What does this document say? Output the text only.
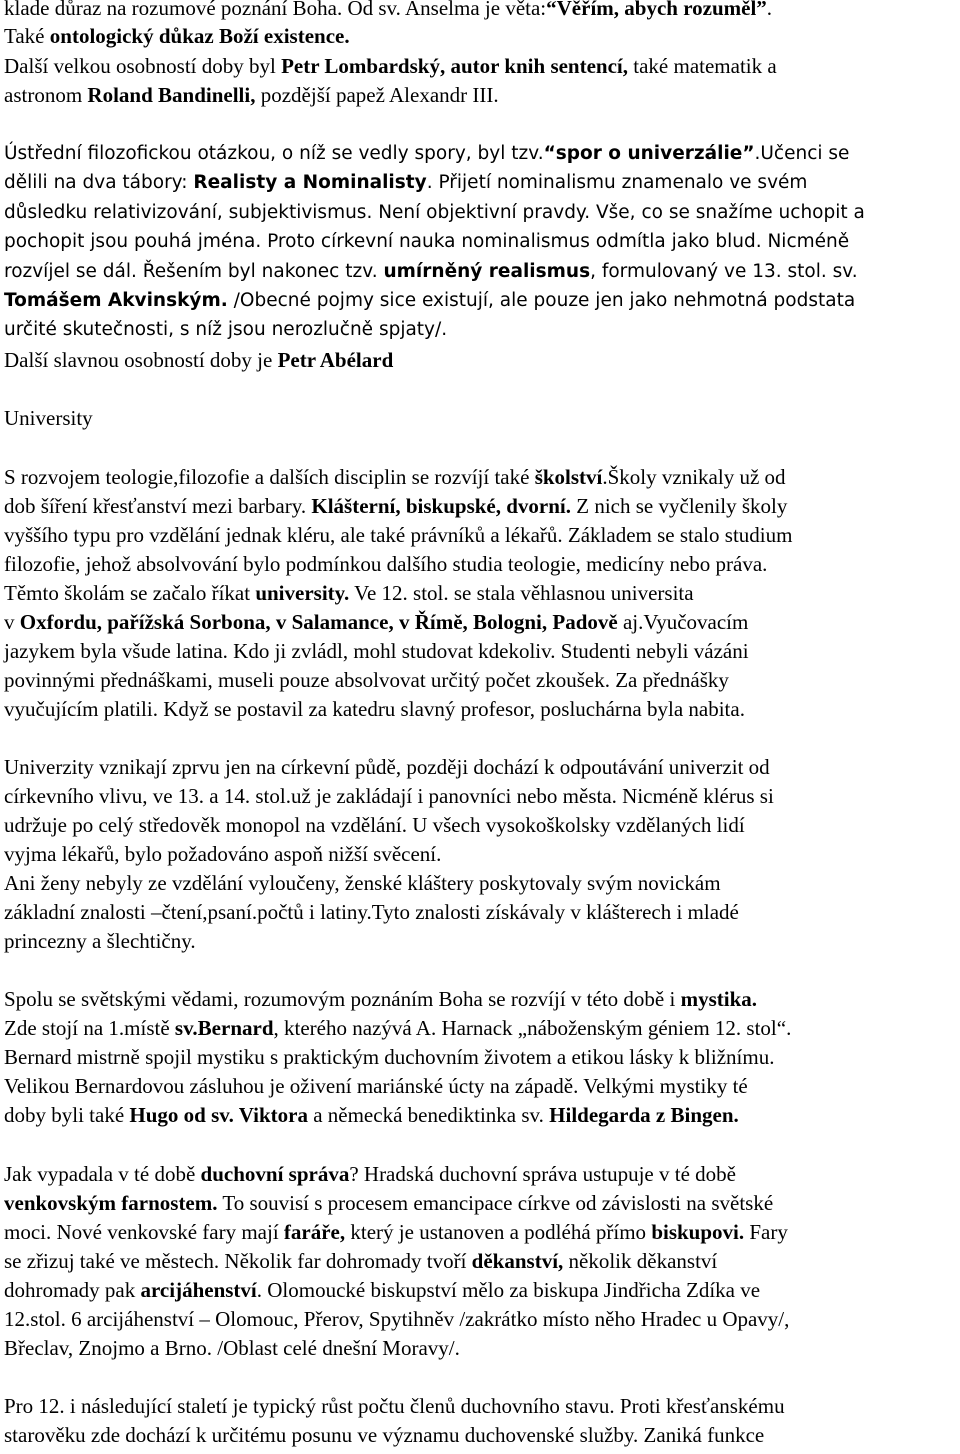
klade důraz na rozumové poznání Boha. Od sv. Anselma je věta:“Věřím, abych rozuměl”.
Také ontologický důkaz Boží existence.
Další velkou osobností doby byl Petr Lombardský, autor knih sentencí, také matematik a
astronom Roland Bandinelli, pozdější papež Alexandr III.
Ústřední filozofickou otázkou, o níž se vedly spory, byl tzv.“spor o univerzálie”.Učenci se
dělili na dva tábory: Realisty a Nominalisty. Přijetí nominalismu znamenalo ve svém
důsledku relativizování, subjektivismus. Není objektivní pravdy. Vše, co se snažíme uchopit a
pochopit jsou pouhá jména. Proto církevní nauka nominalismus odmítla jako blud. Nicméně
rozvíjel se dál. Řešením byl nakonec tzv. umírněný realismus, formulovaný ve 13. stol. sv.
Tomášem Akvinským. /Obecné pojmy sice existují, ale pouze jen jako nehmotná podstata
určité skutečnosti, s níž jsou nerozlučně spjaty/.
Další slavnou osobností doby je Petr Abélard
University
S rozvojem teologie,filozofie a dalších disciplin se rozvíjí také školství.Školy vznikaly už od
dob šíření křesťanství mezi barbary. Klášterní, biskupské, dvorní. Z nich se vyčlenily školy
vyššího typu pro vzdělání jednak kléru, ale také právníků a lékařů. Základem se stalo studium
filozofie, jehož absolvování bylo podmínkou dalšího studia teologie, medicíny nebo práva.
Těmto školám se začalo říkat university. Ve 12. stol. se stala věhlasnou universita
v Oxfordu, pařížská Sorbona, v Salamance, v Římě, Bologni, Padově aj.Vyučovacím
jazykem byla všude latina. Kdo ji zvládl, mohl studovat kdekoliv. Studenti nebyli vázáni
povinnými přednáškami, museli pouze absolvovat určitý počet zkoušek. Za přednášky
vyučujícím platili. Když se postavil za katedru slavný profesor, posluchárna byla nabita.
Univerzity vznikají zprvu jen na církevní půdě, později dochází k odpoutávání univerzit od
církevního vlivu, ve 13. a 14. stol.už je zakládají i panovníci nebo města. Nicméně klérus si
udržuje po celý středověk monopol na vzdělání. U všech vysokoškolsky vzdělaných lidí
vyjma lékařů, bylo požadováno aspoň nižší svěcení.
Ani ženy nebyly ze vzdělání vyloučeny, ženské kláštery poskytovaly svým novickám
základní znalosti –čtení,psaní.počtů i latiny.Tyto znalosti získávaly v klášterech i mladé
princezny a šlechtičny.
Spolu se světskými vědami, rozumovým poznáním Boha se rozvíjí v této době i mystika.
Zde stojí na 1.místě sv.Bernard, kterého nazývá A. Harnack „náboženským géniem 12. stol“.
Bernard mistrně spojil mystiku s praktickým duchovním životem a etikou lásky k bližnímu.
Velikou Bernardovou zásluhou je oživení mariánské úcty na západě. Velkými mystiky té
doby byli také Hugo od sv. Viktora a německá benediktinka sv. Hildegarda z Bingen.
Jak vypadala v té době duchovní správa? Hradská duchovní správa ustupuje v té době
venkovským farnostem. To souvisí s procesem emancipace církve od závislosti na světské
moci. Nové venkovské fary mají faráře, který je ustanoven a podléhá přímo biskupovi. Fary
se zřizuj také ve městech. Několik far dohromady tvoří děkanství, několik děkanství
dohromady pak arcijáhenství. Olomoucké biskupství mělo za biskupa Jindřicha Zdíka ve
12.stol. 6 arcijáhenství – Olomouc, Přerov, Spytihněv /zakrátko místo něho Hradec u Opavy/,
Břeclav, Znojmo a Brno. /Oblast celé dnešní Moravy/.
Pro 12. i následující staletí je typický růst počtu členů duchovního stavu. Proti křesťanskému
starověku zde dochází k určitému posunu ve významu duchovenské služby. Zaniká funkce
